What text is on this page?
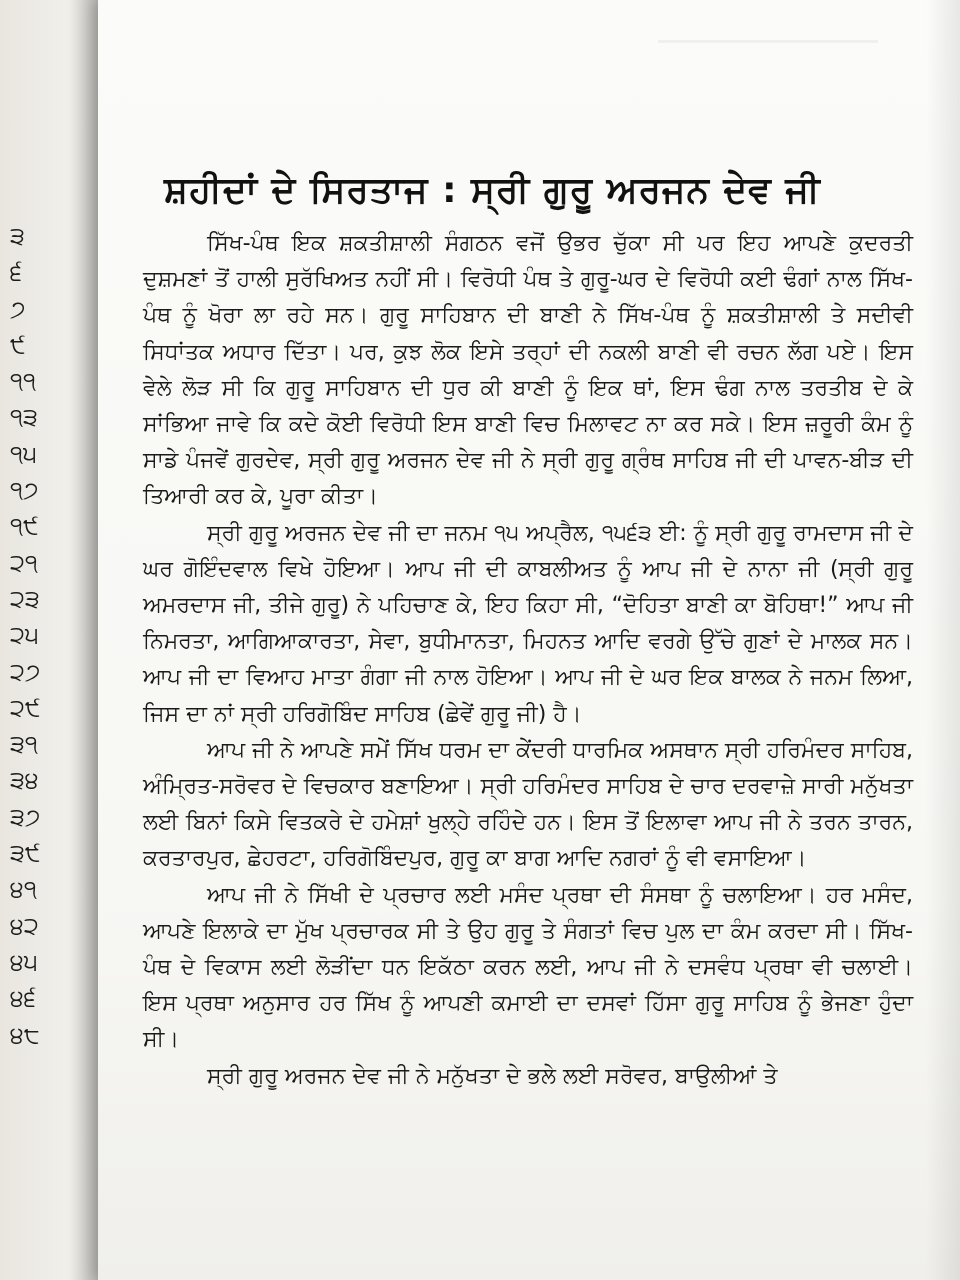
੩
੬
੭
੯
੧੧
੧੩
੧੫
੧੭
੧੯
੨੧
੨੩
੨੫
੨੭
੨੯
੩੧
੩੪
੩੭
੩੯
੪੧
੪੨
੪੫
੪੬
੪੮
ਸ਼ਹੀਦਾਂ ਦੇ ਸਿਰਤਾਜ : ਸ੍ਰੀ ਗੁਰੂ ਅਰਜਨ ਦੇਵ ਜੀ

ਸਿੱਖ-ਪੰਥ ਇਕ ਸ਼ਕਤੀਸ਼ਾਲੀ ਸੰਗਠਨ ਵਜੋਂ ਉਭਰ ਚੁੱਕਾ ਸੀ ਪਰ ਇਹ ਆਪਣੇ ਕੁਦਰਤੀ ਦੁਸ਼ਮਣਾਂ ਤੋਂ ਹਾਲੀ ਸੁਰੱਖਿਅਤ ਨਹੀਂ ਸੀ। ਵਿਰੋਧੀ ਪੰਥ ਤੇ ਗੁਰੂ-ਘਰ ਦੇ ਵਿਰੋਧੀ ਕਈ ਢੰਗਾਂ ਨਾਲ ਸਿੱਖ-ਪੰਥ ਨੂੰ ਖੋਰਾ ਲਾ ਰਹੇ ਸਨ। ਗੁਰੂ ਸਾਹਿਬਾਨ ਦੀ ਬਾਣੀ ਨੇ ਸਿੱਖ-ਪੰਥ ਨੂੰ ਸ਼ਕਤੀਸ਼ਾਲੀ ਤੇ ਸਦੀਵੀ ਸਿਧਾਂਤਕ ਅਧਾਰ ਦਿੱਤਾ। ਪਰ, ਕੁਝ ਲੋਕ ਇਸੇ ਤਰ੍ਹਾਂ ਦੀ ਨਕਲੀ ਬਾਣੀ ਵੀ ਰਚਨ ਲੱਗ ਪਏ। ਇਸ ਵੇਲੇ ਲੋੜ ਸੀ ਕਿ ਗੁਰੂ ਸਾਹਿਬਾਨ ਦੀ ਧੁਰ ਕੀ ਬਾਣੀ ਨੂੰ ਇਕ ਥਾਂ, ਇਸ ਢੰਗ ਨਾਲ ਤਰਤੀਬ ਦੇ ਕੇ ਸਾਂਭਿਆ ਜਾਵੇ ਕਿ ਕਦੇ ਕੋਈ ਵਿਰੋਧੀ ਇਸ ਬਾਣੀ ਵਿਚ ਮਿਲਾਵਟ ਨਾ ਕਰ ਸਕੇ। ਇਸ ਜ਼ਰੂਰੀ ਕੰਮ ਨੂੰ ਸਾਡੇ ਪੰਜਵੇਂ ਗੁਰਦੇਵ, ਸ੍ਰੀ ਗੁਰੂ ਅਰਜਨ ਦੇਵ ਜੀ ਨੇ ਸ੍ਰੀ ਗੁਰੂ ਗ੍ਰੰਥ ਸਾਹਿਬ ਜੀ ਦੀ ਪਾਵਨ-ਬੀੜ ਦੀ ਤਿਆਰੀ ਕਰ ਕੇ, ਪੂਰਾ ਕੀਤਾ।

ਸ੍ਰੀ ਗੁਰੂ ਅਰਜਨ ਦੇਵ ਜੀ ਦਾ ਜਨਮ ੧੫ ਅਪ੍ਰੈਲ, ੧੫੬੩ ਈ: ਨੂੰ ਸ੍ਰੀ ਗੁਰੂ ਰਾਮਦਾਸ ਜੀ ਦੇ ਘਰ ਗੋਇੰਦਵਾਲ ਵਿਖੇ ਹੋਇਆ। ਆਪ ਜੀ ਦੀ ਕਾਬਲੀਅਤ ਨੂੰ ਆਪ ਜੀ ਦੇ ਨਾਨਾ ਜੀ (ਸ੍ਰੀ ਗੁਰੂ ਅਮਰਦਾਸ ਜੀ, ਤੀਜੇ ਗੁਰੂ) ਨੇ ਪਹਿਚਾਣ ਕੇ, ਇਹ ਕਿਹਾ ਸੀ, “ਦੋਹਿਤਾ ਬਾਣੀ ਕਾ ਬੋਹਿਥਾ!” ਆਪ ਜੀ ਨਿਮਰਤਾ, ਆਗਿਆਕਾਰਤਾ, ਸੇਵਾ, ਬੁਧੀਮਾਨਤਾ, ਮਿਹਨਤ ਆਦਿ ਵਰਗੇ ਉੱਚੇ ਗੁਣਾਂ ਦੇ ਮਾਲਕ ਸਨ। ਆਪ ਜੀ ਦਾ ਵਿਆਹ ਮਾਤਾ ਗੰਗਾ ਜੀ ਨਾਲ ਹੋਇਆ। ਆਪ ਜੀ ਦੇ ਘਰ ਇਕ ਬਾਲਕ ਨੇ ਜਨਮ ਲਿਆ, ਜਿਸ ਦਾ ਨਾਂ ਸ੍ਰੀ ਹਰਿਗੋਬਿੰਦ ਸਾਹਿਬ (ਛੇਵੇਂ ਗੁਰੂ ਜੀ) ਹੈ।

ਆਪ ਜੀ ਨੇ ਆਪਣੇ ਸਮੇਂ ਸਿੱਖ ਧਰਮ ਦਾ ਕੇਂਦਰੀ ਧਾਰਮਿਕ ਅਸਥਾਨ ਸ੍ਰੀ ਹਰਿਮੰਦਰ ਸਾਹਿਬ, ਅੰਮ੍ਰਿਤ-ਸਰੋਵਰ ਦੇ ਵਿਚਕਾਰ ਬਣਾਇਆ। ਸ੍ਰੀ ਹਰਿਮੰਦਰ ਸਾਹਿਬ ਦੇ ਚਾਰ ਦਰਵਾਜ਼ੇ ਸਾਰੀ ਮਨੁੱਖਤਾ ਲਈ ਬਿਨਾਂ ਕਿਸੇ ਵਿਤਕਰੇ ਦੇ ਹਮੇਸ਼ਾਂ ਖੁਲ੍ਹੇ ਰਹਿੰਦੇ ਹਨ। ਇਸ ਤੋਂ ਇਲਾਵਾ ਆਪ ਜੀ ਨੇ ਤਰਨ ਤਾਰਨ, ਕਰਤਾਰਪੁਰ, ਛੇਹਰਟਾ, ਹਰਿਗੋਬਿੰਦਪੁਰ, ਗੁਰੂ ਕਾ ਬਾਗ ਆਦਿ ਨਗਰਾਂ ਨੂੰ ਵੀ ਵਸਾਇਆ।

ਆਪ ਜੀ ਨੇ ਸਿੱਖੀ ਦੇ ਪ੍ਰਚਾਰ ਲਈ ਮਸੰਦ ਪ੍ਰਥਾ ਦੀ ਸੰਸਥਾ ਨੂੰ ਚਲਾਇਆ। ਹਰ ਮਸੰਦ, ਆਪਣੇ ਇਲਾਕੇ ਦਾ ਮੁੱਖ ਪ੍ਰਚਾਰਕ ਸੀ ਤੇ ਉਹ ਗੁਰੂ ਤੇ ਸੰਗਤਾਂ ਵਿਚ ਪੁਲ ਦਾ ਕੰਮ ਕਰਦਾ ਸੀ। ਸਿੱਖ-ਪੰਥ ਦੇ ਵਿਕਾਸ ਲਈ ਲੋੜੀਂਦਾ ਧਨ ਇਕੱਠਾ ਕਰਨ ਲਈ, ਆਪ ਜੀ ਨੇ ਦਸਵੰਧ ਪ੍ਰਥਾ ਵੀ ਚਲਾਈ। ਇਸ ਪ੍ਰਥਾ ਅਨੁਸਾਰ ਹਰ ਸਿੱਖ ਨੂੰ ਆਪਣੀ ਕਮਾਈ ਦਾ ਦਸਵਾਂ ਹਿੱਸਾ ਗੁਰੂ ਸਾਹਿਬ ਨੂੰ ਭੇਜਣਾ ਹੁੰਦਾ ਸੀ।

ਸ੍ਰੀ ਗੁਰੂ ਅਰਜਨ ਦੇਵ ਜੀ ਨੇ ਮਨੁੱਖਤਾ ਦੇ ਭਲੇ ਲਈ ਸਰੋਵਰ, ਬਾਉਲੀਆਂ ਤੇ
